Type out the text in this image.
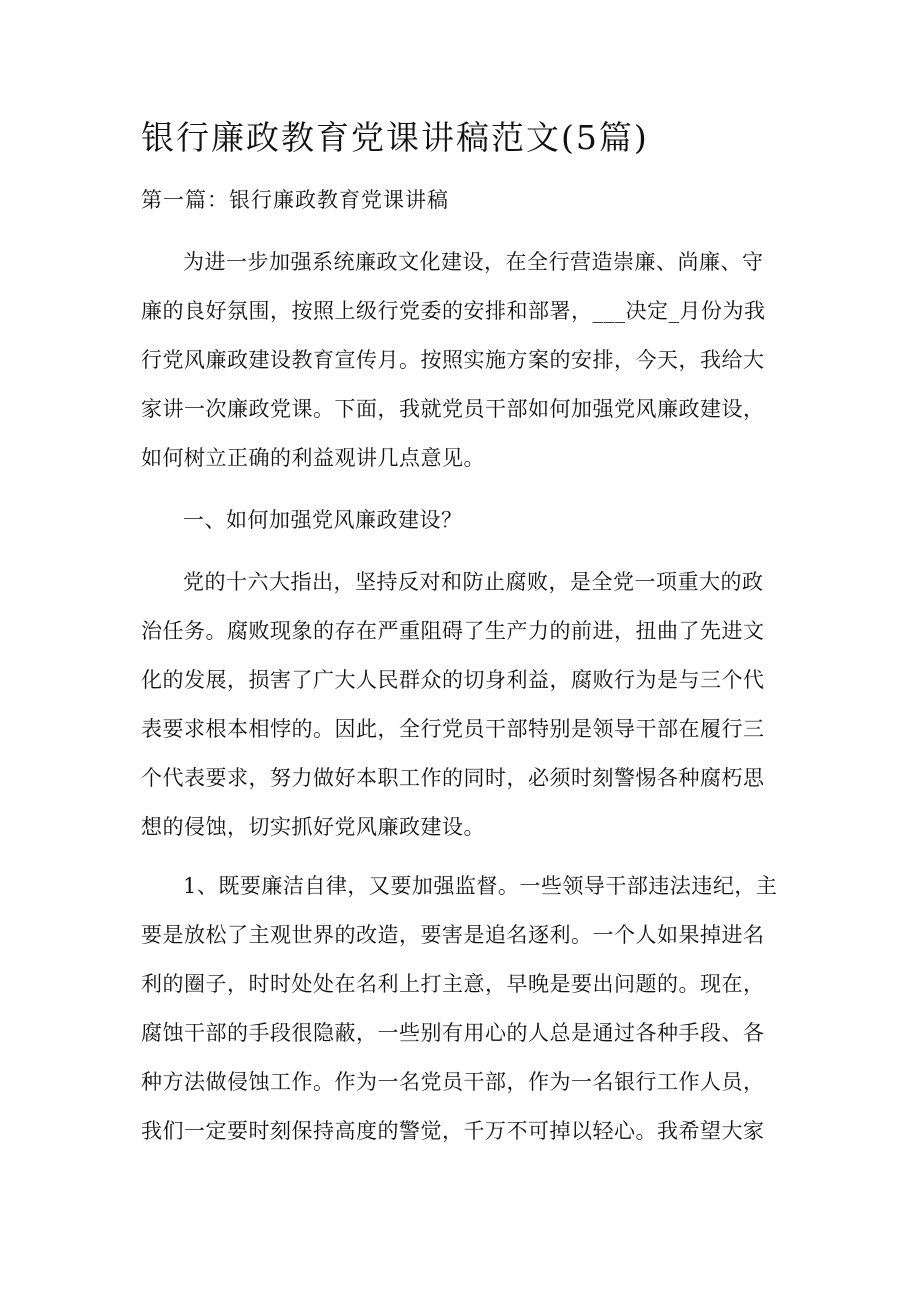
银行廉政教育党课讲稿范文(5篇)
第一篇：银行廉政教育党课讲稿

为进一步加强系统廉政文化建设，在全行营造崇廉、尚廉、守
廉的良好氛围，按照上级行党委的安排和部署，___决定_月份为我
行党风廉政建设教育宣传月。按照实施方案的安排，今天，我给大
家讲一次廉政党课。下面，我就党员干部如何加强党风廉政建设，
如何树立正确的利益观讲几点意见。

一、如何加强党风廉政建设？

党的十六大指出，坚持反对和防止腐败，是全党一项重大的政
治任务。腐败现象的存在严重阻碍了生产力的前进，扭曲了先进文
化的发展，损害了广大人民群众的切身利益，腐败行为是与三个代
表要求根本相悖的。因此，全行党员干部特别是领导干部在履行三
个代表要求，努力做好本职工作的同时，必须时刻警惕各种腐朽思
想的侵蚀，切实抓好党风廉政建设。

1、既要廉洁自律，又要加强监督。一些领导干部违法违纪，主
要是放松了主观世界的改造，要害是追名逐利。一个人如果掉进名
利的圈子，时时处处在名利上打主意，早晚是要出问题的。现在，
腐蚀干部的手段很隐蔽，一些别有用心的人总是通过各种手段、各
种方法做侵蚀工作。作为一名党员干部，作为一名银行工作人员，
我们一定要时刻保持高度的警觉，千万不可掉以轻心。我希望大家
